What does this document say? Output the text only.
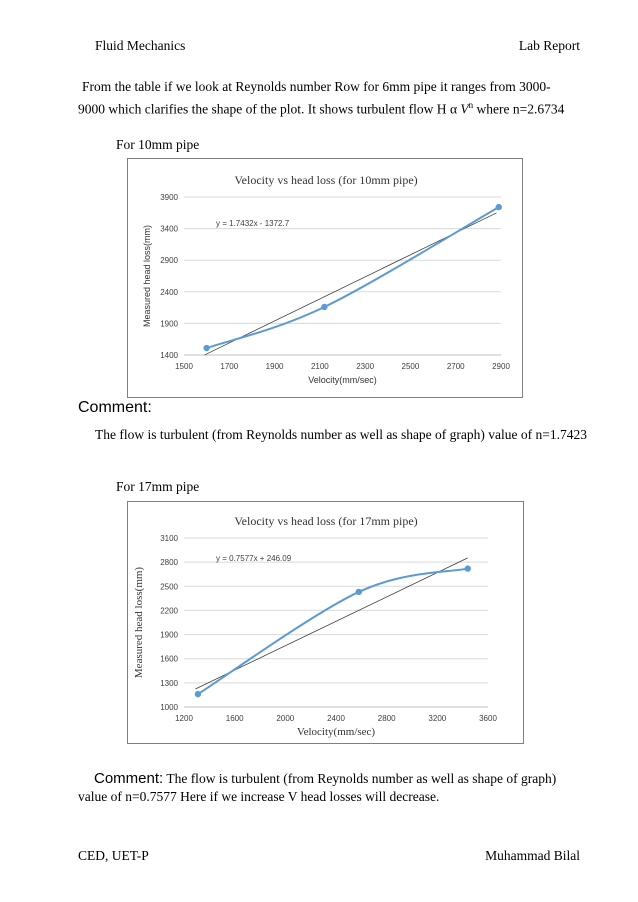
Fluid Mechanics	Lab Report
From the table if we look at Reynolds number Row for 6mm pipe it ranges from 3000-9000 which clarifies the shape of the plot. It shows turbulent flow H α $V^n$ where n=2.6734
For 10mm pipe
1400
1900
2400
2900
3400
3900
1500	1700	1900	2100	2300	2500	2700	2900
Velocity vs head loss (for 10mm pipe)
Velocity(mm/sec)
Measured head loss(mm)
y = 1.7432x - 1372.7
Comment:
The flow is turbulent (from Reynolds number as well as shape of graph) value of n=1.7423
For 17mm pipe
1000
1300
1600
1900
2200
2500
2800
3100
1200	1600	2000	2400	2800	3200	3600
Velocity vs head loss (for 17mm pipe)
Velocity(mm/sec)
Measured head loss(mm)
y = 0.7577x + 246.09
Comment: The flow is turbulent (from Reynolds number as well as shape of graph) value of n=0.7577 Here if we increase V head losses will decrease.
CED, UET-P	Muhammad Bilal
